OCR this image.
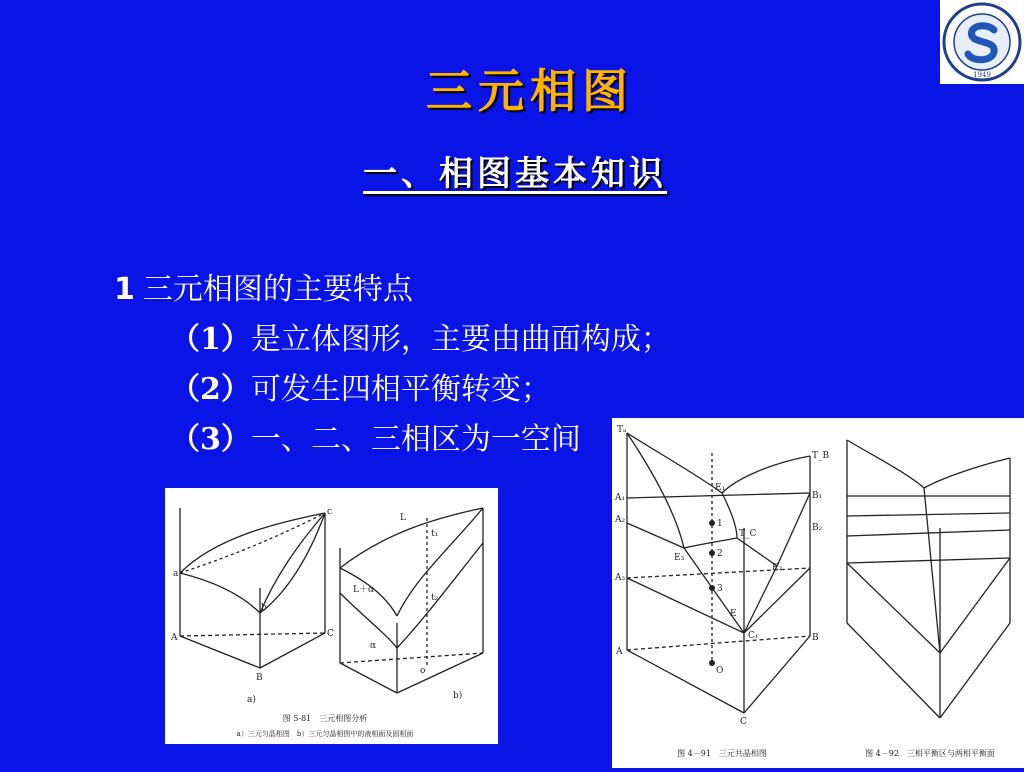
1949
三元相图
一、相图基本知识

1 三元相图的主要特点

（1）是立体图形，主要由曲面构成；

（2）可发生四相平衡转变；

（3）一、二、三相区为一空间

a
b
c
A
B
C
L
L＋α
α
o
t₁
t₂
a)	b)
图 5-81　三元相图分析
a）三元匀晶相图　b）三元匀晶相图中的液相面及固相面
Tₐ
T_B
T_C
E₁
E₂
E₃
E
A₁
A₂
A₃
B₁
B₂
C₁
A
B
C
O
1
2
3
图 4－91　三元共晶相图	图 4－92　三相平衡区与两相平衡面
